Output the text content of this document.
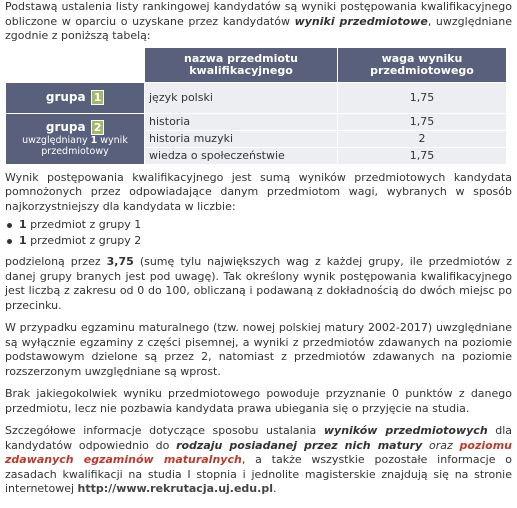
Podstawą ustalenia listy rankingowej kandydatów są wyniki postępowania kwalifikacyjnego obliczone w oparciu o uzyskane przez kandydatów wyniki przedmiotowe, uwzględniane zgodnie z poniższą tabelą:

	nazwa przedmiotu kwalifikacyjnego	waga wyniku przedmiotowego
grupa 1	język polski	1,75

grupa 2
uwzględniany 1 wynik przedmiotowy	historia	1,75
	historia muzyki	2
	wiedza o społeczeństwie	1,75

Wynik postępowania kwalifikacyjnego jest sumą wyników przedmiotowych kandydata pomnożonych przez odpowiadające danym przedmiotom wagi, wybranych w sposób najkorzystniejszy dla kandydata w liczbie:

1 przedmiot z grupy 1
1 przedmiot z grupy 2

podzieloną przez 3,75 (sumę tylu największych wag z każdej grupy, ile przedmiotów z danej grupy branych jest pod uwagę). Tak określony wynik postępowania kwalifikacyjnego jest liczbą z zakresu od 0 do 100, obliczaną i podawaną z dokładnością do dwóch miejsc po przecinku.

W przypadku egzaminu maturalnego (tzw. nowej polskiej matury 2002-2017) uwzględniane są wyłącznie egzaminy z części pisemnej, a wyniki z przedmiotów zdawanych na poziomie podstawowym dzielone są przez 2, natomiast z przedmiotów zdawanych na poziomie rozszerzonym uwzględniane są wprost.

Brak jakiegokolwiek wyniku przedmiotowego powoduje przyznanie 0 punktów z danego przedmiotu, lecz nie pozbawia kandydata prawa ubiegania się o przyjęcie na studia.

Szczegółowe informacje dotyczące sposobu ustalania wyników przedmiotowych dla kandydatów odpowiednio do rodzaju posiadanej przez nich matury oraz poziomu zdawanych egzaminów maturalnych, a także wszystkie pozostałe informacje o zasadach kwalifikacji na studia I stopnia i jednolite magisterskie znajdują się na stronie internetowej http://www.rekrutacja.uj.edu.pl.
